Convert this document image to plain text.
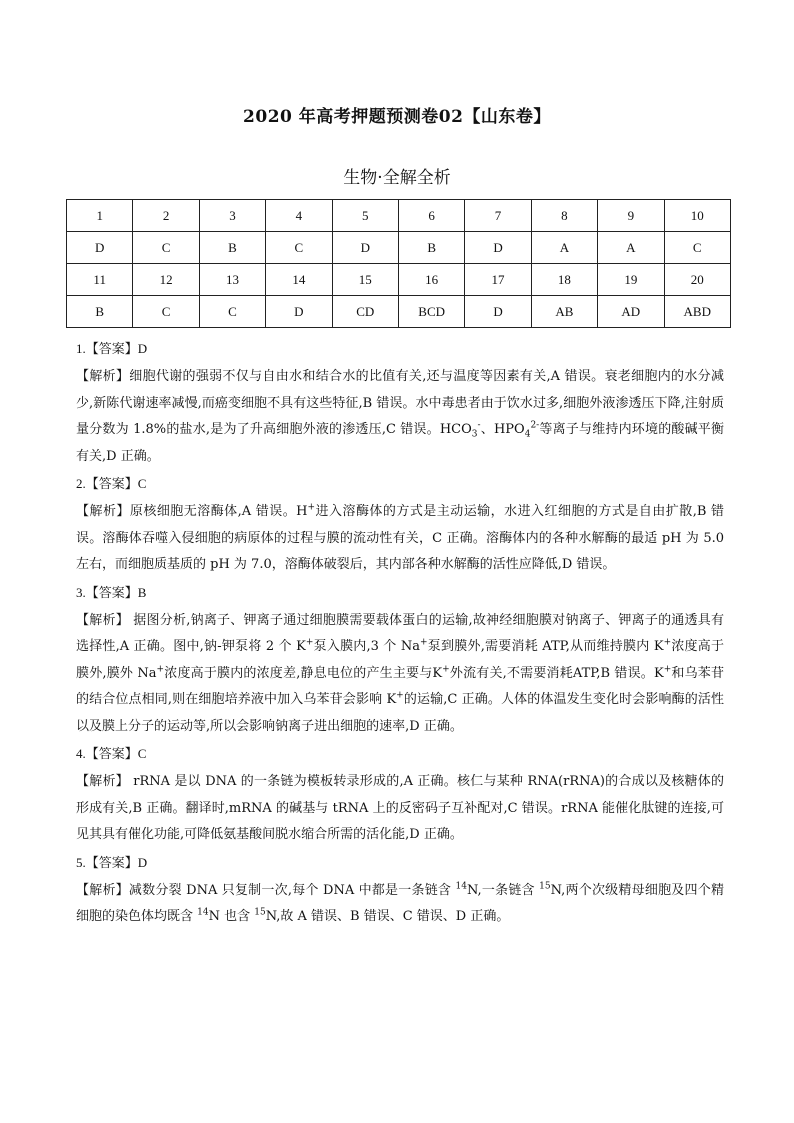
2020 年高考押题预测卷02【山东卷】
生物·全解全析
1	2	3	4	5	6	7	8	9	10
D	C	B	C	D	B	D	A	A	C
11	12	13	14	15	16	17	18	19	20
B	C	C	D	CD	BCD	D	AB	AD	ABD

1.【答案】D

【解析】细胞代谢的强弱不仅与自由水和结合水的比值有关,还与温度等因素有关,A 错误。衰老细胞内的水分减少,新陈代谢速率减慢,而癌变细胞不具有这些特征,B 错误。水中毒患者由于饮水过多,细胞外液渗透压下降,注射质量分数为 1.8%的盐水,是为了升高细胞外液的渗透压,C 错误。$HCO_3^-$、$HPO_4^{2-}$等离子与维持内环境的酸碱平衡有关,D 正确。

2.【答案】C

【解析】原核细胞无溶酶体,A 错误。H+进入溶酶体的方式是主动运输，水进入红细胞的方式是自由扩散,B 错误。溶酶体吞噬入侵细胞的病原体的过程与膜的流动性有关，C 正确。溶酶体内的各种水解酶的最适 pH 为 5.0 左右，而细胞质基质的 pH 为 7.0，溶酶体破裂后，其内部各种水解酶的活性应降低,D 错误。

3.【答案】B

【解析】 据图分析,钠离子、钾离子通过细胞膜需要载体蛋白的运输,故神经细胞膜对钠离子、钾离子的通透具有选择性,A 正确。图中,钠-钾泵将 2 个 K+泵入膜内,3 个 Na+泵到膜外,需要消耗 ATP,从而维持膜内 K+浓度高于膜外,膜外 Na+浓度高于膜内的浓度差,静息电位的产生主要与K+外流有关,不需要消耗ATP,B 错误。K+和乌苯苷的结合位点相同,则在细胞培养液中加入乌苯苷会影响 K+的运输,C 正确。人体的体温发生变化时会影响酶的活性以及膜上分子的运动等,所以会影响钠离子进出细胞的速率,D 正确。

4.【答案】C

【解析】 rRNA 是以 DNA 的一条链为模板转录形成的,A 正确。核仁与某种 RNA(rRNA)的合成以及核糖体的形成有关,B 正确。翻译时,mRNA 的碱基与 tRNA 上的反密码子互补配对,C 错误。rRNA 能催化肽键的连接,可见其具有催化功能,可降低氨基酸间脱水缩合所需的活化能,D 正确。

5.【答案】D

【解析】减数分裂 DNA 只复制一次,每个 DNA 中都是一条链含 $^{14}$N,一条链含 $^{15}$N,两个次级精母细胞及四个精细胞的染色体均既含 $^{14}$N 也含 $^{15}$N,故 A 错误、B 错误、C 错误、D 正确。
